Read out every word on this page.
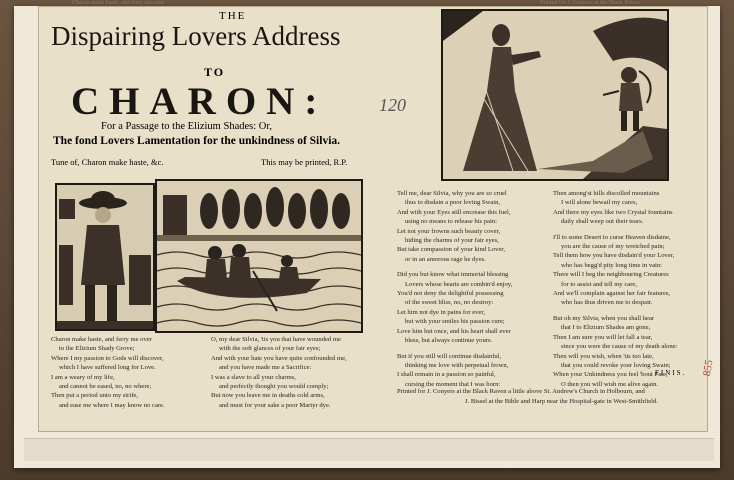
THE
Dispairing Lovers Address
TO
CHARON:	120
For a Passage to the Elizium Shades: Or,
The fond Lovers Lamentation for the unkindness of Silvia.
Tune of, Charon make haste, &c.	This may be printed, R.P.
Charon make haste, and ferry me over
to the Elizium Shady Grove;
Where I my passion to Gods will discover,
which I have suffered long for Love.
I am a weary of my life,
and cannot be eased, no, no where;
Then put a period unto my strife,
and ease me where I may know no care.
O, my dear Silvia, 'tis you that have wounded me
with the soft glances of your fair eyes;
And with your hate you have quite confounded me,
and you have made me a Sacrifice:
I was a slave to all your charms,
and perfectly thought you would comply;
But now you leave me in deaths cold arms,
and must for your sake a poor Martyr dye.
Tell me, dear Silvia, why you are so cruel
thus to disdain a poor loving Swain,
And with your Eyes still encrease this fuel,
using no means to release his pain:
Let not your frowns such beauty cover,
hiding the charms of your fair eyes,
But take compassion of your kind Lover,
or in an amorous rage he dyes.
Did you but know what immortal blessing
Lovers whose hearts are combin'd enjoy,
You'd not deny the delightful possessing
of the sweet bliss, no, no destroy:
Let him not dye in pains for ever,
but with your smiles his passion cure;
Love him but once, and his heart shall ever
bless, but always continue yours.
But if you still will continue disdainful,
thinking me love with perpetual frown,
I shall remain in a passion so painful,
cursing the moment that I was born:
Then among'st hills discolled mountains
I will alone bewail my cares,
And there my eyes like two Crystal fountains
daily shall weep out their tears.
I'll to some Desert to curse Heaven disdaine,
you are the cause of my wretched pain;
Tell them how you have disdain'd your Lover,
who has begg'd pity long time in vain:
There will I beg the neighbouring Creatures
for to assist and tell my care,
And we'll complain against her fair features,
who has thus driven me to despair.
But oh my Silvia, when you shall hear
that I to Elizium Shades am gone,
Then I am sure you will let fall a tear,
since you were the cause of my death alone:
Then will you wish, when 'tis too late,
that you could revoke your loving Swain;
When your Unkindness you feel 'bout Fate,
O then you will wish me alive again.
FINIS.
Printed for J. Conyers at the Black Raven a little above St. Andrew's Church in Holbourn, and
J. Bissel at the Bible and Harp near the Hospital-gate in West-Smithfield.
Charon make haste, and ferry me over	Printed for J. Conyers at the Black Raven
855
